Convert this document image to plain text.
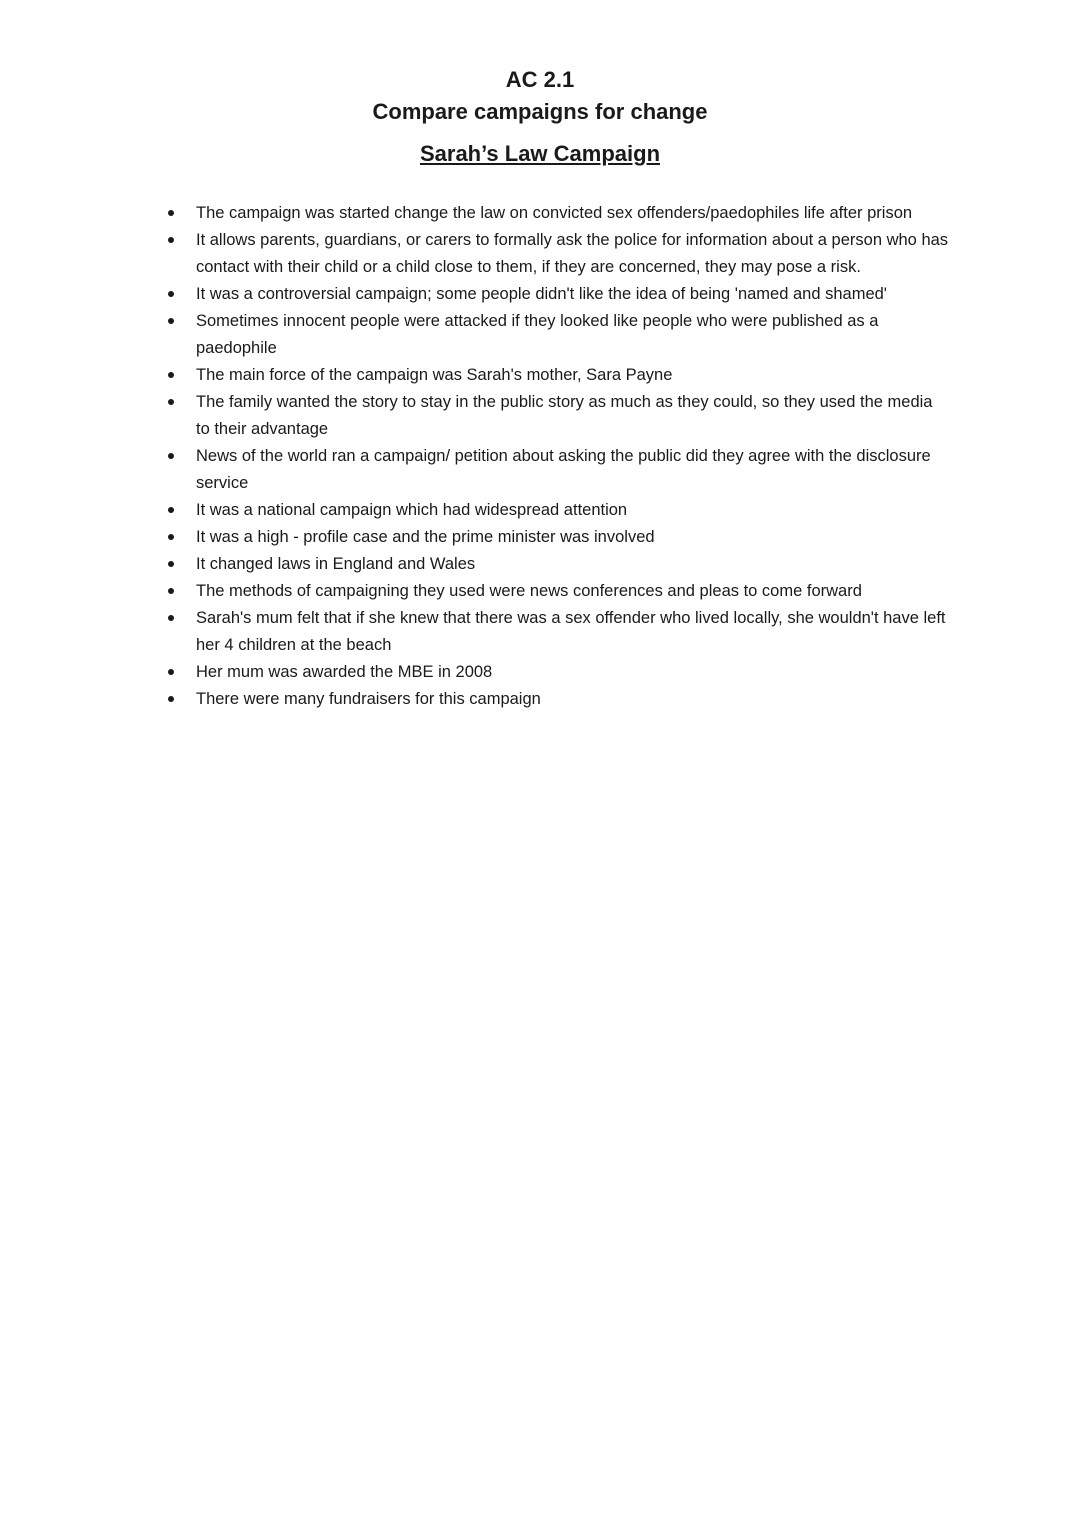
AC 2.1
Compare campaigns for change
Sarah’s Law Campaign
The campaign was started change the law on convicted sex offenders/paedophiles life after prison
It allows parents, guardians, or carers to formally ask the police for information about a person who has contact with their child or a child close to them, if they are concerned, they may pose a risk.
It was a controversial campaign; some people didn't like the idea of being 'named and shamed'
Sometimes innocent people were attacked if they looked like people who were published as a paedophile
The main force of the campaign was Sarah's mother, Sara Payne
The family wanted the story to stay in the public story as much as they could, so they used the media to their advantage
News of the world ran a campaign/ petition about asking the public did they agree with the disclosure service
It was a national campaign which had widespread attention
It was a high - profile case and the prime minister was involved
It changed laws in England and Wales
The methods of campaigning they used were news conferences and pleas to come forward
Sarah's mum felt that if she knew that there was a sex offender who lived locally, she wouldn't have left her 4 children at the beach
Her mum was awarded the MBE in 2008
There were many fundraisers for this campaign
